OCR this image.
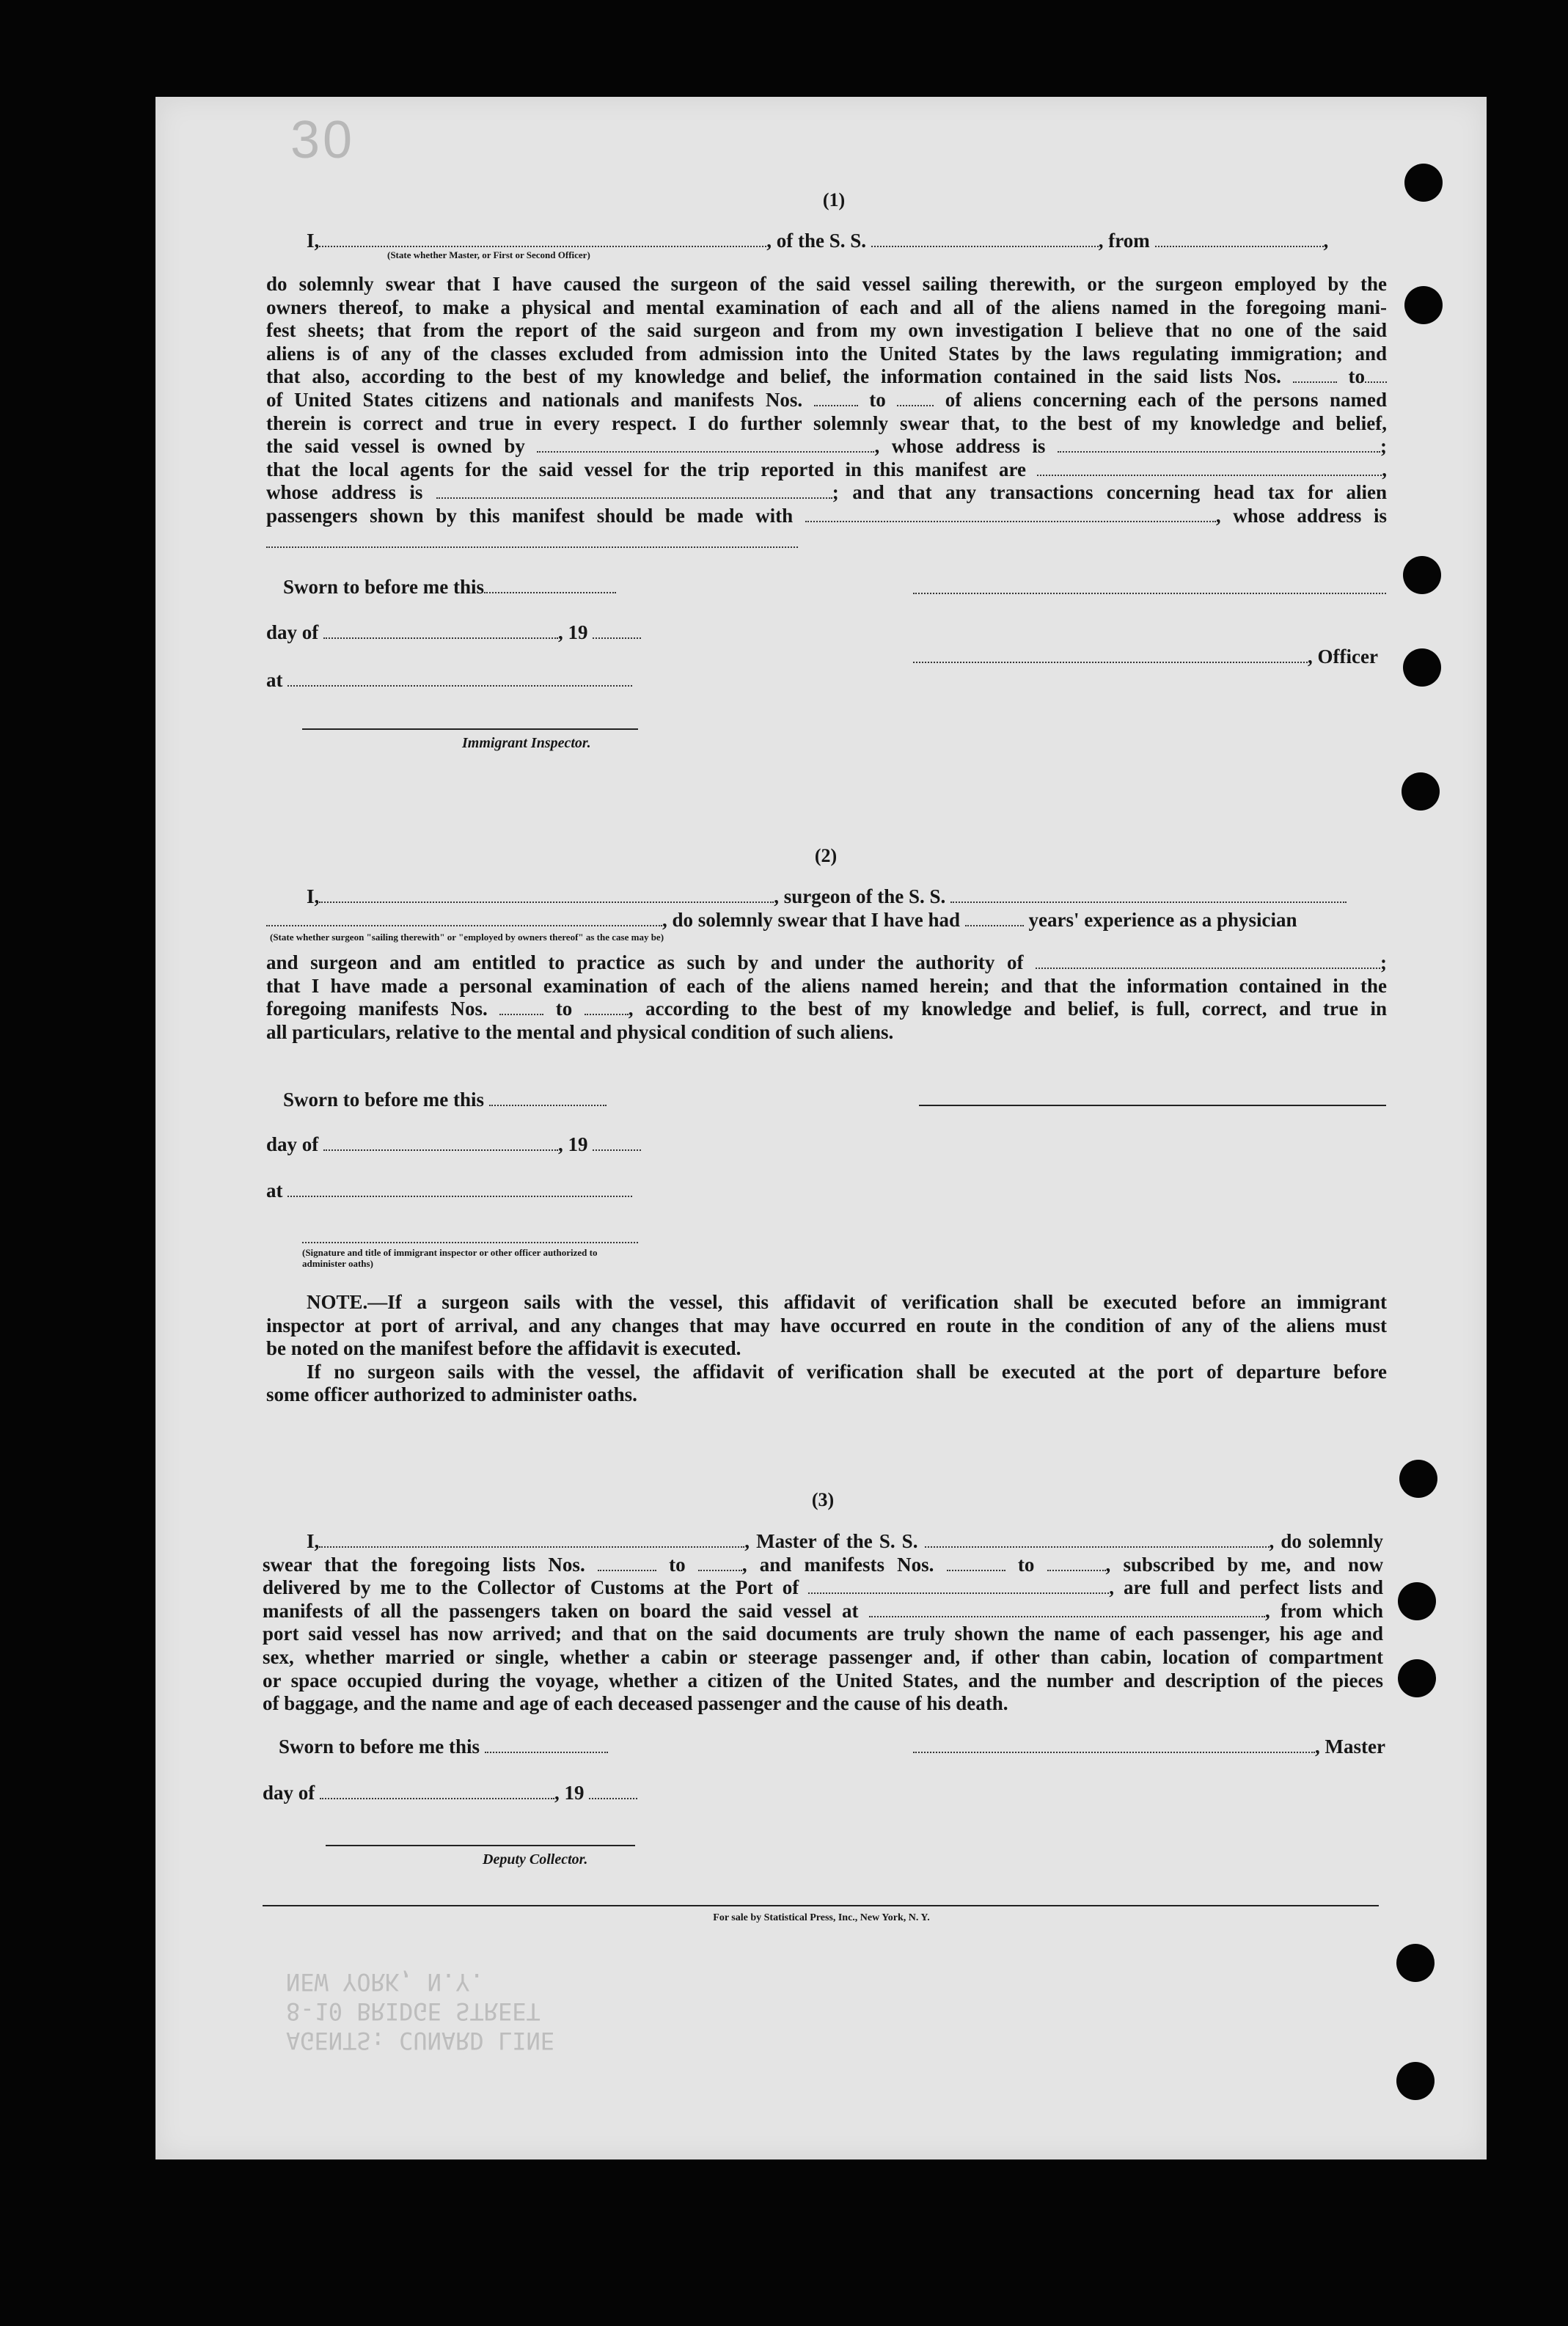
30
AGENTS: CUNARD LINE
8-10 BRIDGE STREET
NEW YORK, N.Y.
(1)
I,	, of the S. S.	, from	,
(State whether Master, or First or Second Officer)
do solemnly swear that I have caused the surgeon of the said vessel sailing therewith, or the surgeon employed by the
owners thereof, to make a physical and mental examination of each and all of the aliens named in the foregoing mani-
fest sheets; that from the report of the said surgeon and from my own investigation I believe that no one of the said
aliens is of any of the classes excluded from admission into the United States by the laws regulating immigration; and
that also, according to the best of my knowledge and belief, the information contained in the said lists Nos.	to
of United States citizens and nationals and manifests Nos.	to	of aliens concerning each of the persons named
therein is correct and true in every respect. I do further solemnly swear that, to the best of my knowledge and belief,
the said vessel is owned by	, whose address is	;
that the local agents for the said vessel for the trip reported in this manifest are	,
whose address is	; and that any transactions concerning head tax for alien
passengers shown by this manifest should be made with	, whose address is
Sworn to before me this
day of	, 19
, Officer
at
Immigrant Inspector.
(2)
I,	, surgeon of the S. S.
, do solemnly swear that I have had	years' experience as a physician
(State whether surgeon "sailing therewith" or "employed by owners thereof" as the case may be)
and surgeon and am entitled to practice as such by and under the authority of	;
that I have made a personal examination of each of the aliens named herein; and that the information contained in the
foregoing manifests Nos.	to	, according to the best of my knowledge and belief, is full, correct, and true in
all particulars, relative to the mental and physical condition of such aliens.
Sworn to before me this
day of	, 19
at
(Signature and title of immigrant inspector or other officer authorized to administer oaths)
NOTE.—If a surgeon sails with the vessel, this affidavit of verification shall be executed before an immigrant
inspector at port of arrival, and any changes that may have occurred en route in the condition of any of the aliens must
be noted on the manifest before the affidavit is executed.
If no surgeon sails with the vessel, the affidavit of verification shall be executed at the port of departure before
some officer authorized to administer oaths.
(3)
I,	, Master of the S. S.	, do solemnly
swear that the foregoing lists Nos.	to	, and manifests Nos.	to	, subscribed by me, and now
delivered by me to the Collector of Customs at the Port of	, are full and perfect lists and
manifests of all the passengers taken on board the said vessel at	, from which
port said vessel has now arrived; and that on the said documents are truly shown the name of each passenger, his age and
sex, whether married or single, whether a cabin or steerage passenger and, if other than cabin, location of compartment
or space occupied during the voyage, whether a citizen of the United States, and the number and description of the pieces
of baggage, and the name and age of each deceased passenger and the cause of his death.
Sworn to before me this	, Master
day of	, 19
Deputy Collector.
For sale by Statistical Press, Inc., New York, N. Y.
